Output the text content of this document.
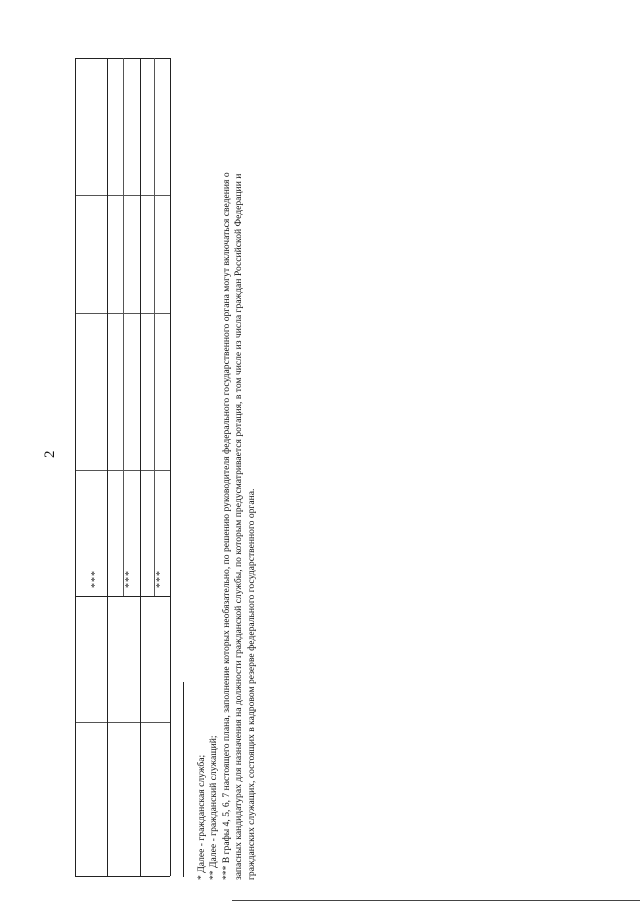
2
*** *** ***
* Далее - гражданская служба; ** Далее - гражданский служащий; *** В графы 4, 5, 6, 7 настоящего плана, заполнение которых необязательно, по решению руководителя федерального государственного органа могут включаться сведения о запасных кандидатурах для назначения на должности гражданской службы, по которым предусматривается ротация, в том числе из числа граждан Российской Федерации и гражданских служащих, состоящих в кадровом резерве федерального государственного органа.
